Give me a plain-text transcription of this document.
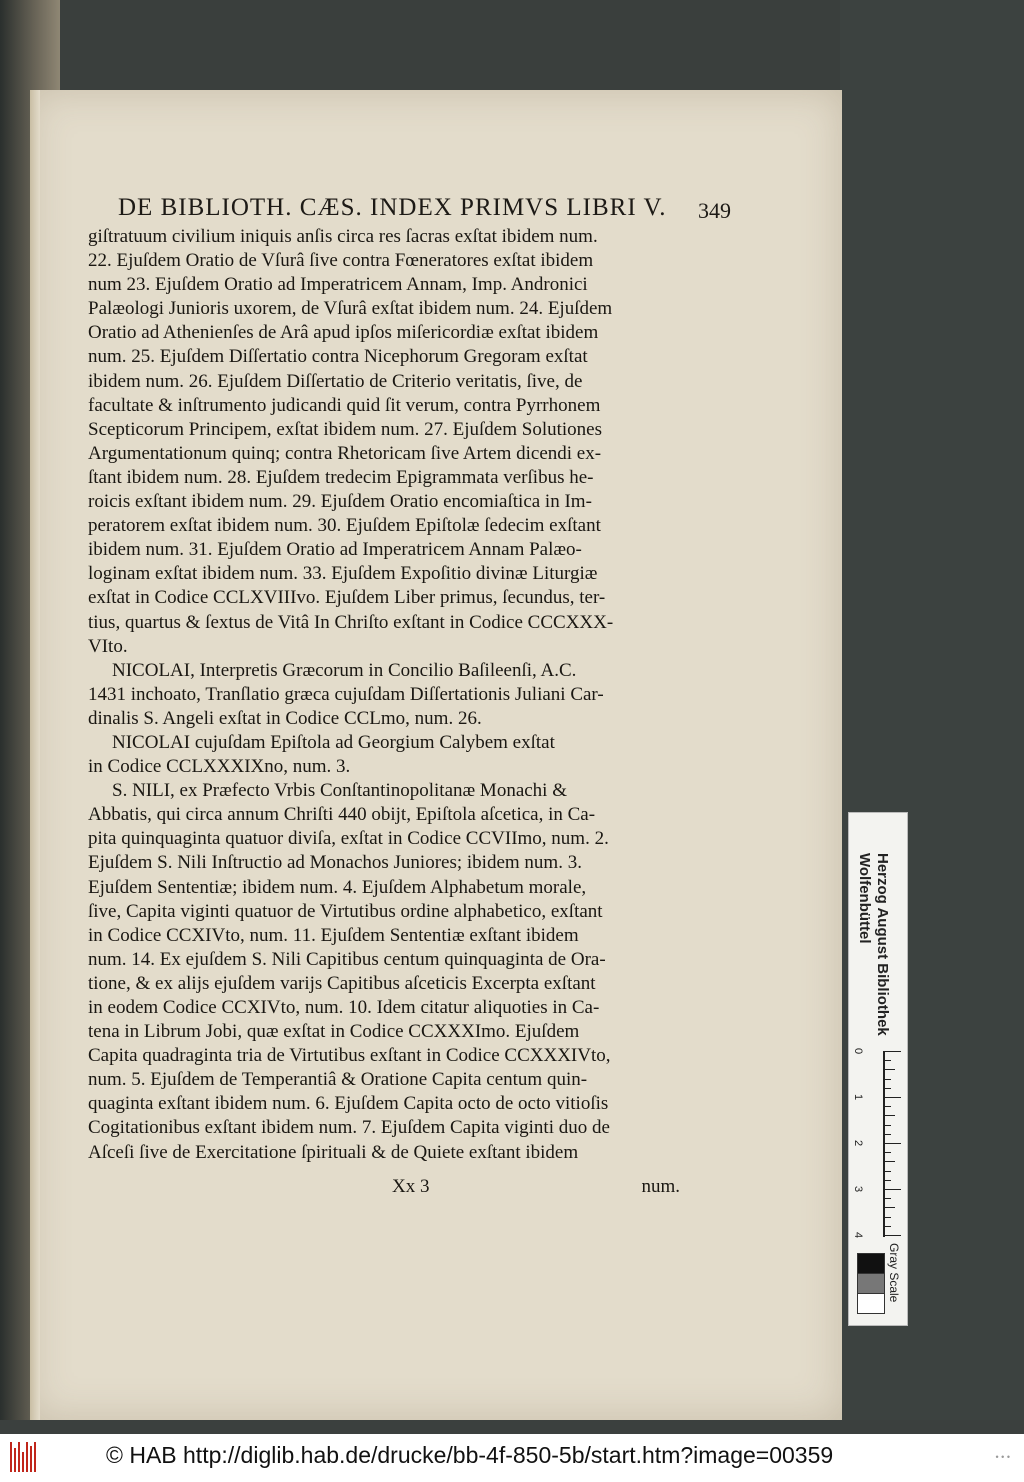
DE BIBLIOTH. CÆS. INDEX PRIMVS LIBRI V.	349
giſtratuum civilium iniquis anſis circa res ſacras exſtat ibidem num.
22. Ejuſdem Oratio de Vſurâ ſive contra Fœneratores exſtat ibidem
num 23. Ejuſdem Oratio ad Imperatricem Annam, Imp. Andronici
Palæologi Junioris uxorem, de Vſurâ exſtat ibidem num. 24. Ejuſdem
Oratio ad Athenienſes de Arâ apud ipſos miſericordiæ exſtat ibidem
num. 25. Ejuſdem Diſſertatio contra Nicephorum Gregoram exſtat
ibidem num. 26. Ejuſdem Diſſertatio de Criterio veritatis, ſive, de
facultate & inſtrumento judicandi quid ſit verum, contra Pyrrhonem
Scepticorum Principem, exſtat ibidem num. 27. Ejuſdem Solutiones
Argumentationum quinq; contra Rhetoricam ſive Artem dicendi ex-
ſtant ibidem num. 28. Ejuſdem tredecim Epigrammata verſibus he-
roicis exſtant ibidem num. 29. Ejuſdem Oratio encomiaſtica in Im-
peratorem exſtat ibidem num. 30. Ejuſdem Epiſtolæ ſedecim exſtant
ibidem num. 31. Ejuſdem Oratio ad Imperatricem Annam Palæo-
loginam exſtat ibidem num. 33. Ejuſdem Expoſitio divinæ Liturgiæ
exſtat in Codice CCLXVIIIvo. Ejuſdem Liber primus, ſecundus, ter-
tius, quartus & ſextus de Vitâ In Chriſto exſtant in Codice CCCXXX-
VIto.
NICOLAI, Interpretis Græcorum in Concilio Baſileenſi, A.C.
1431 inchoato, Tranſlatio græca cujuſdam Diſſertationis Juliani Car-
dinalis S. Angeli exſtat in Codice CCLmo, num. 26.
NICOLAI cujuſdam Epiſtola ad Georgium Calybem exſtat
in Codice CCLXXXIXno, num. 3.
S. NILI, ex Præfecto Vrbis Conſtantinopolitanæ Monachi &
Abbatis, qui circa annum Chriſti 440 obijt, Epiſtola aſcetica, in Ca-
pita quinquaginta quatuor diviſa, exſtat in Codice CCVIImo, num. 2.
Ejuſdem S. Nili Inſtructio ad Monachos Juniores; ibidem num. 3.
Ejuſdem Sententiæ; ibidem num. 4. Ejuſdem Alphabetum morale,
ſive, Capita viginti quatuor de Virtutibus ordine alphabetico, exſtant
in Codice CCXIVto, num. 11. Ejuſdem Sententiæ exſtant ibidem
num. 14. Ex ejuſdem S. Nili Capitibus centum quinquaginta de Ora-
tione, & ex alijs ejuſdem varijs Capitibus aſceticis Excerpta exſtant
in eodem Codice CCXIVto, num. 10. Idem citatur aliquoties in Ca-
tena in Librum Jobi, quæ exſtat in Codice CCXXXImo. Ejuſdem
Capita quadraginta tria de Virtutibus exſtant in Codice CCXXXIVto,
num. 5. Ejuſdem de Temperantiâ & Oratione Capita centum quin-
quaginta exſtant ibidem num. 6. Ejuſdem Capita octo de octo vitioſis
Cogitationibus exſtant ibidem num. 7. Ejuſdem Capita viginti duo de
Aſceſi ſive de Exercitatione ſpirituali & de Quiete exſtant ibidem
Xx 3	num.
Herzog August Bibliothek
Wolfenbüttel
0
1
2
3
4
Gray Scale
© HAB http://diglib.hab.de/drucke/bb-4f-850-5b/start.htm?image=00359	• • •
